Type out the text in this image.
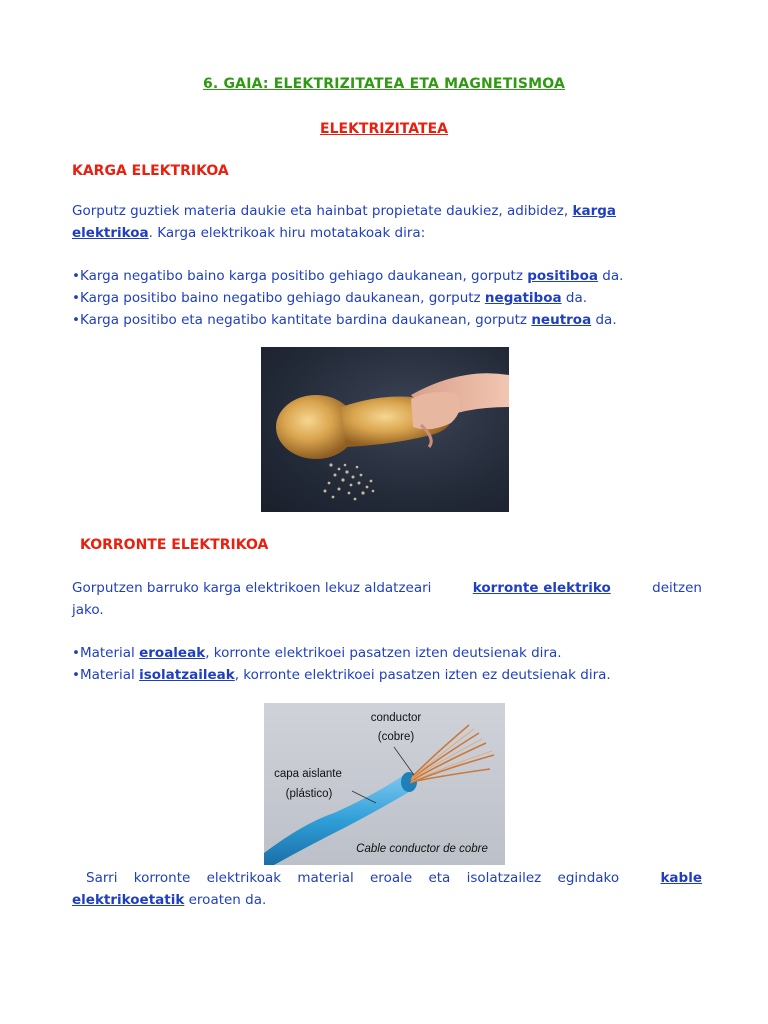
6. GAIA: ELEKTRIZITATEA ETA MAGNETISMOA
ELEKTRIZITATEA
KARGA ELEKTRIKOA
Gorputz guztiek materia daukie eta hainbat propietate daukiez, adibidez, karga

elektrikoa. Karga elektrikoak hiru motatakoak dira:
•Karga negatibo baino karga positibo gehiago daukanean, gorputz positiboa da.
•Karga positibo baino negatibo gehiago daukanean, gorputz negatiboa da.
•Karga positibo eta negatibo kantitate bardina daukanean, gorputz neutroa da.
KORRONTE ELEKTRIKOA
Gorputzen barruko karga elektrikoen lekuz aldatzeari	korronte elektriko	deitzen
jako.
•Material eroaleak, korronte elektrikoei pasatzen izten deutsienak dira.
•Material isolatzaileak, korronte elektrikoei pasatzen izten ez deutsienak dira.
conductor
(cobre)
capa aislante
(plástico)
Cable conductor de cobre
Sarri korronte elektrikoak material eroale eta isolatzailez egindako	kable
elektrikoetatik eroaten da.
